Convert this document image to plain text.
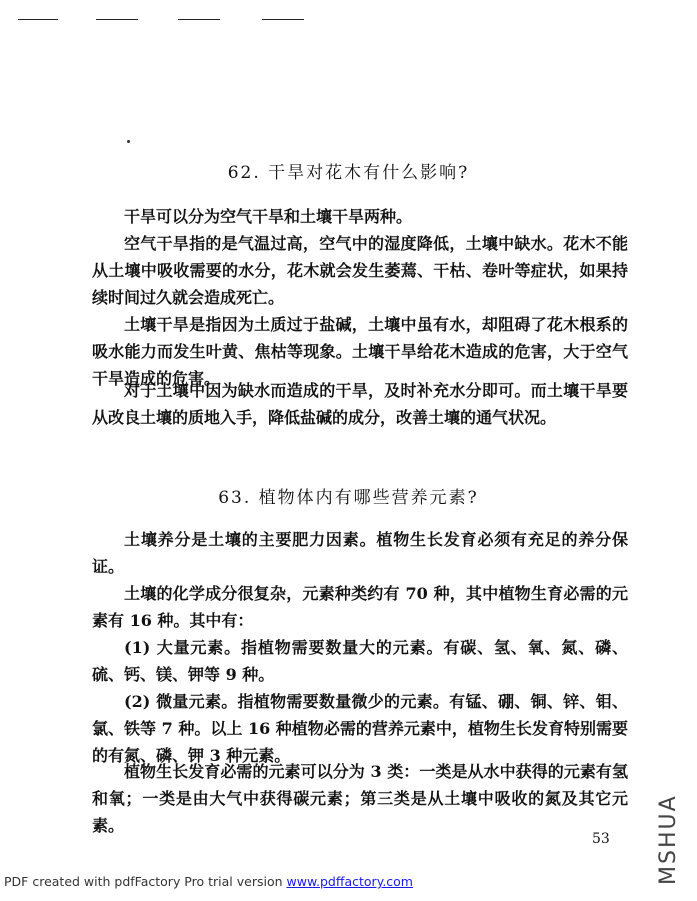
62. 干旱对花木有什么影响?

干旱可以分为空气干旱和土壤干旱两种。

空气干旱指的是气温过高，空气中的湿度降低，土壤中缺水。花木不能从土壤中吸收需要的水分，花木就会发生萎蔫、干枯、卷叶等症状，如果持续时间过久就会造成死亡。

土壤干旱是指因为土质过于盐碱，土壤中虽有水，却阻碍了花木根系的吸水能力而发生叶黄、焦枯等现象。土壤干旱给花木造成的危害，大于空气干旱造成的危害。

对于土壤中因为缺水而造成的干旱，及时补充水分即可。而土壤干旱要从改良土壤的质地入手，降低盐碱的成分，改善土壤的通气状况。

63. 植物体内有哪些营养元素?

土壤养分是土壤的主要肥力因素。植物生长发育必须有充足的养分保证。

土壤的化学成分很复杂，元素种类约有 70 种，其中植物生育必需的元素有 16 种。其中有：

(1) 大量元素。指植物需要数量大的元素。有碳、氢、氧、氮、磷、硫、钙、镁、钾等 9 种。

(2) 微量元素。指植物需要数量微少的元素。有锰、硼、铜、锌、钼、氯、铁等 7 种。以上 16 种植物必需的营养元素中，植物生长发育特别需要的有氮、磷、钾 3 种元素。

植物生长发育必需的元素可以分为 3 类：一类是从水中获得的元素有氢和氧；一类是由大气中获得碳元素；第三类是从土壤中吸收的氮及其它元素。

53
PDF created with pdfFactory Pro trial version www.pdffactory.com	MSHUA
